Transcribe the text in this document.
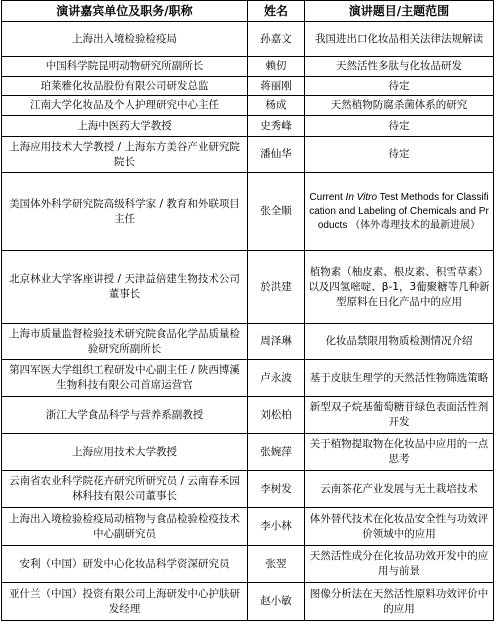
演讲嘉宾单位及职务/职称	姓名	演讲题目/主题范围
上海出入境检验检疫局	孙嘉文	我国进出口化妆品相关法律法规解读
中国科学院昆明动物研究所副所长	赖仞	天然活性多肽与化妆品研发
珀莱雅化妆品股份有限公司研发总监	蒋丽刚	待定
江南大学化妆品及个人护理研究中心主任	杨成	天然植物防腐杀菌体系的研究
上海中医药大学教授	史秀峰	待定
上海应用技术大学教授 / 上海东方美谷产业研究院院长	潘仙华	待定
美国体外科学研究院高级科学家 / 教育和外联项目主任	张全顺	Current In Vitro Test Methods for Classification and Labeling of Chemicals and Products （体外毒理技术的最新进展）
北京林业大学客座讲授 / 天津益倍建生物技术公司董事长	於洪建	植物素（柚皮素、根皮素、积雪草素）以及四氢嘧啶、β-1，3葡聚糖等几种新型原料在日化产品中的应用
上海市质量监督检验技术研究院食品化学品质量检验研究所副所长	周泽琳	化妆品禁限用物质检测情况介绍
第四军医大学组织工程研发中心副主任 / 陕西博溪生物科技有限公司首席运营官	卢永波	基于皮肤生理学的天然活性物筛选策略
浙江大学食品科学与营养系副教授	刘松柏	新型双子烷基葡萄糖苷绿色表面活性剂开发
上海应用技术大学教授	张婉萍	关于植物提取物在化妆品中应用的一点思考
云南省农业科学院花卉研究所研究员 / 云南春禾园林科技有限公司董事长	李树发	云南茶花产业发展与无土栽培技术
上海出入境检验检疫局动植物与食品检验检疫技术中心副研究员	李小林	体外替代技术在化妆品安全性与功效评价领域中的应用
安利（中国）研发中心化妆品科学资深研究员	张翌	天然活性成分在化妆品功效开发中的应用与前景
亚什兰（中国）投资有限公司上海研发中心护肤研发经理	赵小敏	图像分析法在天然活性原料功效评价中的应用
